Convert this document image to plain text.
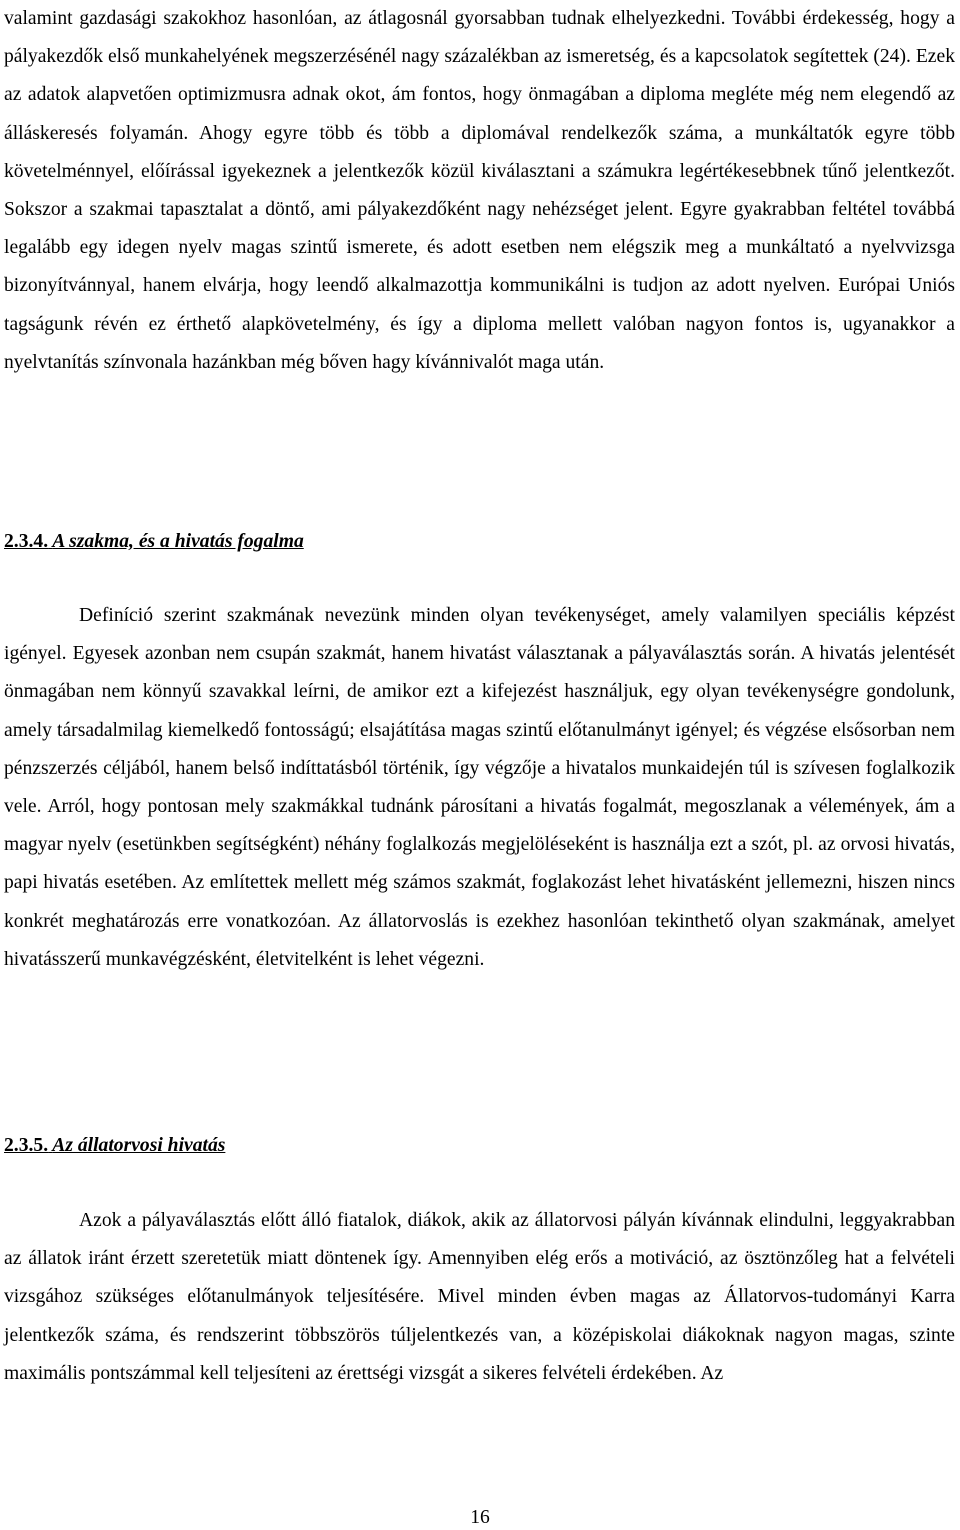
valamint gazdasági szakokhoz hasonlóan, az átlagosnál gyorsabban tudnak elhelyezkedni. További érdekesség, hogy a pályakezdők első munkahelyének megszerzésénél nagy százalékban az ismeretség, és a kapcsolatok segítettek (24). Ezek az adatok alapvetően optimizmusra adnak okot, ám fontos, hogy önmagában a diploma megléte még nem elegendő az álláskeresés folyamán. Ahogy egyre több és több a diplomával rendelkezők száma, a munkáltatók egyre több követelménnyel, előírással igyekeznek a jelentkezők közül kiválasztani a számukra legértékesebbnek tűnő jelentkezőt. Sokszor a szakmai tapasztalat a döntő, ami pályakezdőként nagy nehézséget jelent. Egyre gyakrabban feltétel továbbá legalább egy idegen nyelv magas szintű ismerete, és adott esetben nem elégszik meg a munkáltató a nyelvvizsga bizonyítvánnyal, hanem elvárja, hogy leendő alkalmazottja kommunikálni is tudjon az adott nyelven. Európai Uniós tagságunk révén ez érthető alapkövetelmény, és így a diploma mellett valóban nagyon fontos is, ugyanakkor a nyelvtanítás színvonala hazánkban még bőven hagy kívánnivalót maga után.

2.3.4. A szakma, és a hivatás fogalma

Definíció szerint szakmának nevezünk minden olyan tevékenységet, amely valamilyen speciális képzést igényel. Egyesek azonban nem csupán szakmát, hanem hivatást választanak a pályaválasztás során. A hivatás jelentését önmagában nem könnyű szavakkal leírni, de amikor ezt a kifejezést használjuk, egy olyan tevékenységre gondolunk, amely társadalmilag kiemelkedő fontosságú; elsajátítása magas szintű előtanulmányt igényel; és végzése elsősorban nem pénzszerzés céljából, hanem belső indíttatásból történik, így végzője a hivatalos munkaidején túl is szívesen foglalkozik vele. Arról, hogy pontosan mely szakmákkal tudnánk párosítani a hivatás fogalmát, megoszlanak a vélemények, ám a magyar nyelv (esetünkben segítségként) néhány foglalkozás megjelöléseként is használja ezt a szót, pl. az orvosi hivatás, papi hivatás esetében. Az említettek mellett még számos szakmát, foglakozást lehet hivatásként jellemezni, hiszen nincs konkrét meghatározás erre vonatkozóan. Az állatorvoslás is ezekhez hasonlóan tekinthető olyan szakmának, amelyet hivatásszerű munkavégzésként, életvitelként is lehet végezni.

2.3.5. Az állatorvosi hivatás

Azok a pályaválasztás előtt álló fiatalok, diákok, akik az állatorvosi pályán kívánnak elindulni, leggyakrabban az állatok iránt érzett szeretetük miatt döntenek így. Amennyiben elég erős a motiváció, az ösztönzőleg hat a felvételi vizsgához szükséges előtanulmányok teljesítésére. Mivel minden évben magas az Állatorvos-tudományi Karra jelentkezők száma, és rendszerint többszörös túljelentkezés van, a középiskolai diákoknak nagyon magas, szinte maximális pontszámmal kell teljesíteni az érettségi vizsgát a sikeres felvételi érdekében. Az

16
